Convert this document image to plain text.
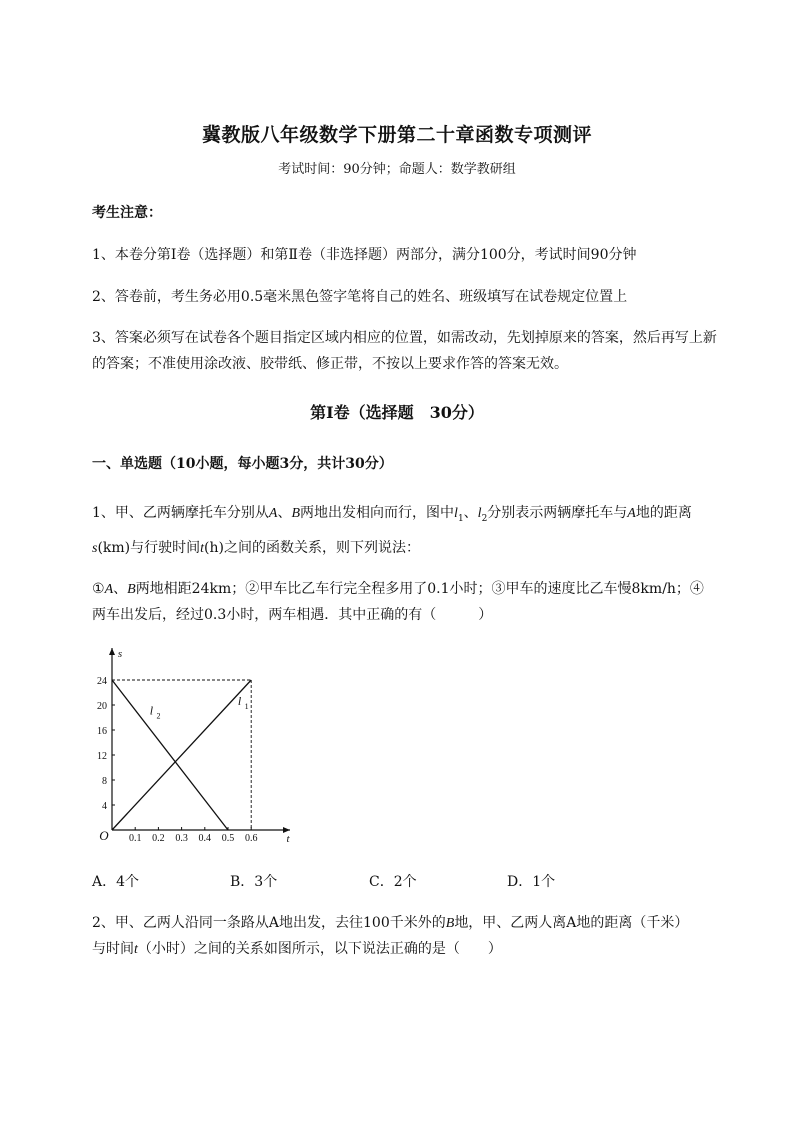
冀教版八年级数学下册第二十章函数专项测评
考试时间：90分钟；命题人：数学教研组
考生注意：
1、本卷分第I卷（选择题）和第Ⅱ卷（非选择题）两部分，满分100分，考试时间90分钟
2、答卷前，考生务必用0.5毫米黑色签字笔将自己的姓名、班级填写在试卷规定位置上
3、答案必须写在试卷各个题目指定区域内相应的位置，如需改动，先划掉原来的答案，然后再写上新
的答案；不准使用涂改液、胶带纸、修正带，不按以上要求作答的答案无效。
第I卷（选择题　30分）
一、单选题（10小题，每小题3分，共计30分）
1、甲、乙两辆摩托车分别从A、B两地出发相向而行，图中$l_1$、$l_2$分别表示两辆摩托车与A地的距离
s(km)与行驶时间t(h)之间的函数关系，则下列说法：
①A、B两地相距24km；②甲车比乙车行完全程多用了0.1小时；③甲车的速度比乙车慢8km/h；④
两车出发后，经过0.3小时，两车相遇．其中正确的有（　　　）
O	t
s
0.1 0.2 0.3 0.4 0.5 0.6
4
8
12
16
20
24
l 1
l 2
A．4个	B．3个	C．2个	D．1个
2、甲、乙两人沿同一条路从A地出发，去往100千米外的B地，甲、乙两人离A地的距离（千米）
与时间t（小时）之间的关系如图所示，以下说法正确的是（　　）
